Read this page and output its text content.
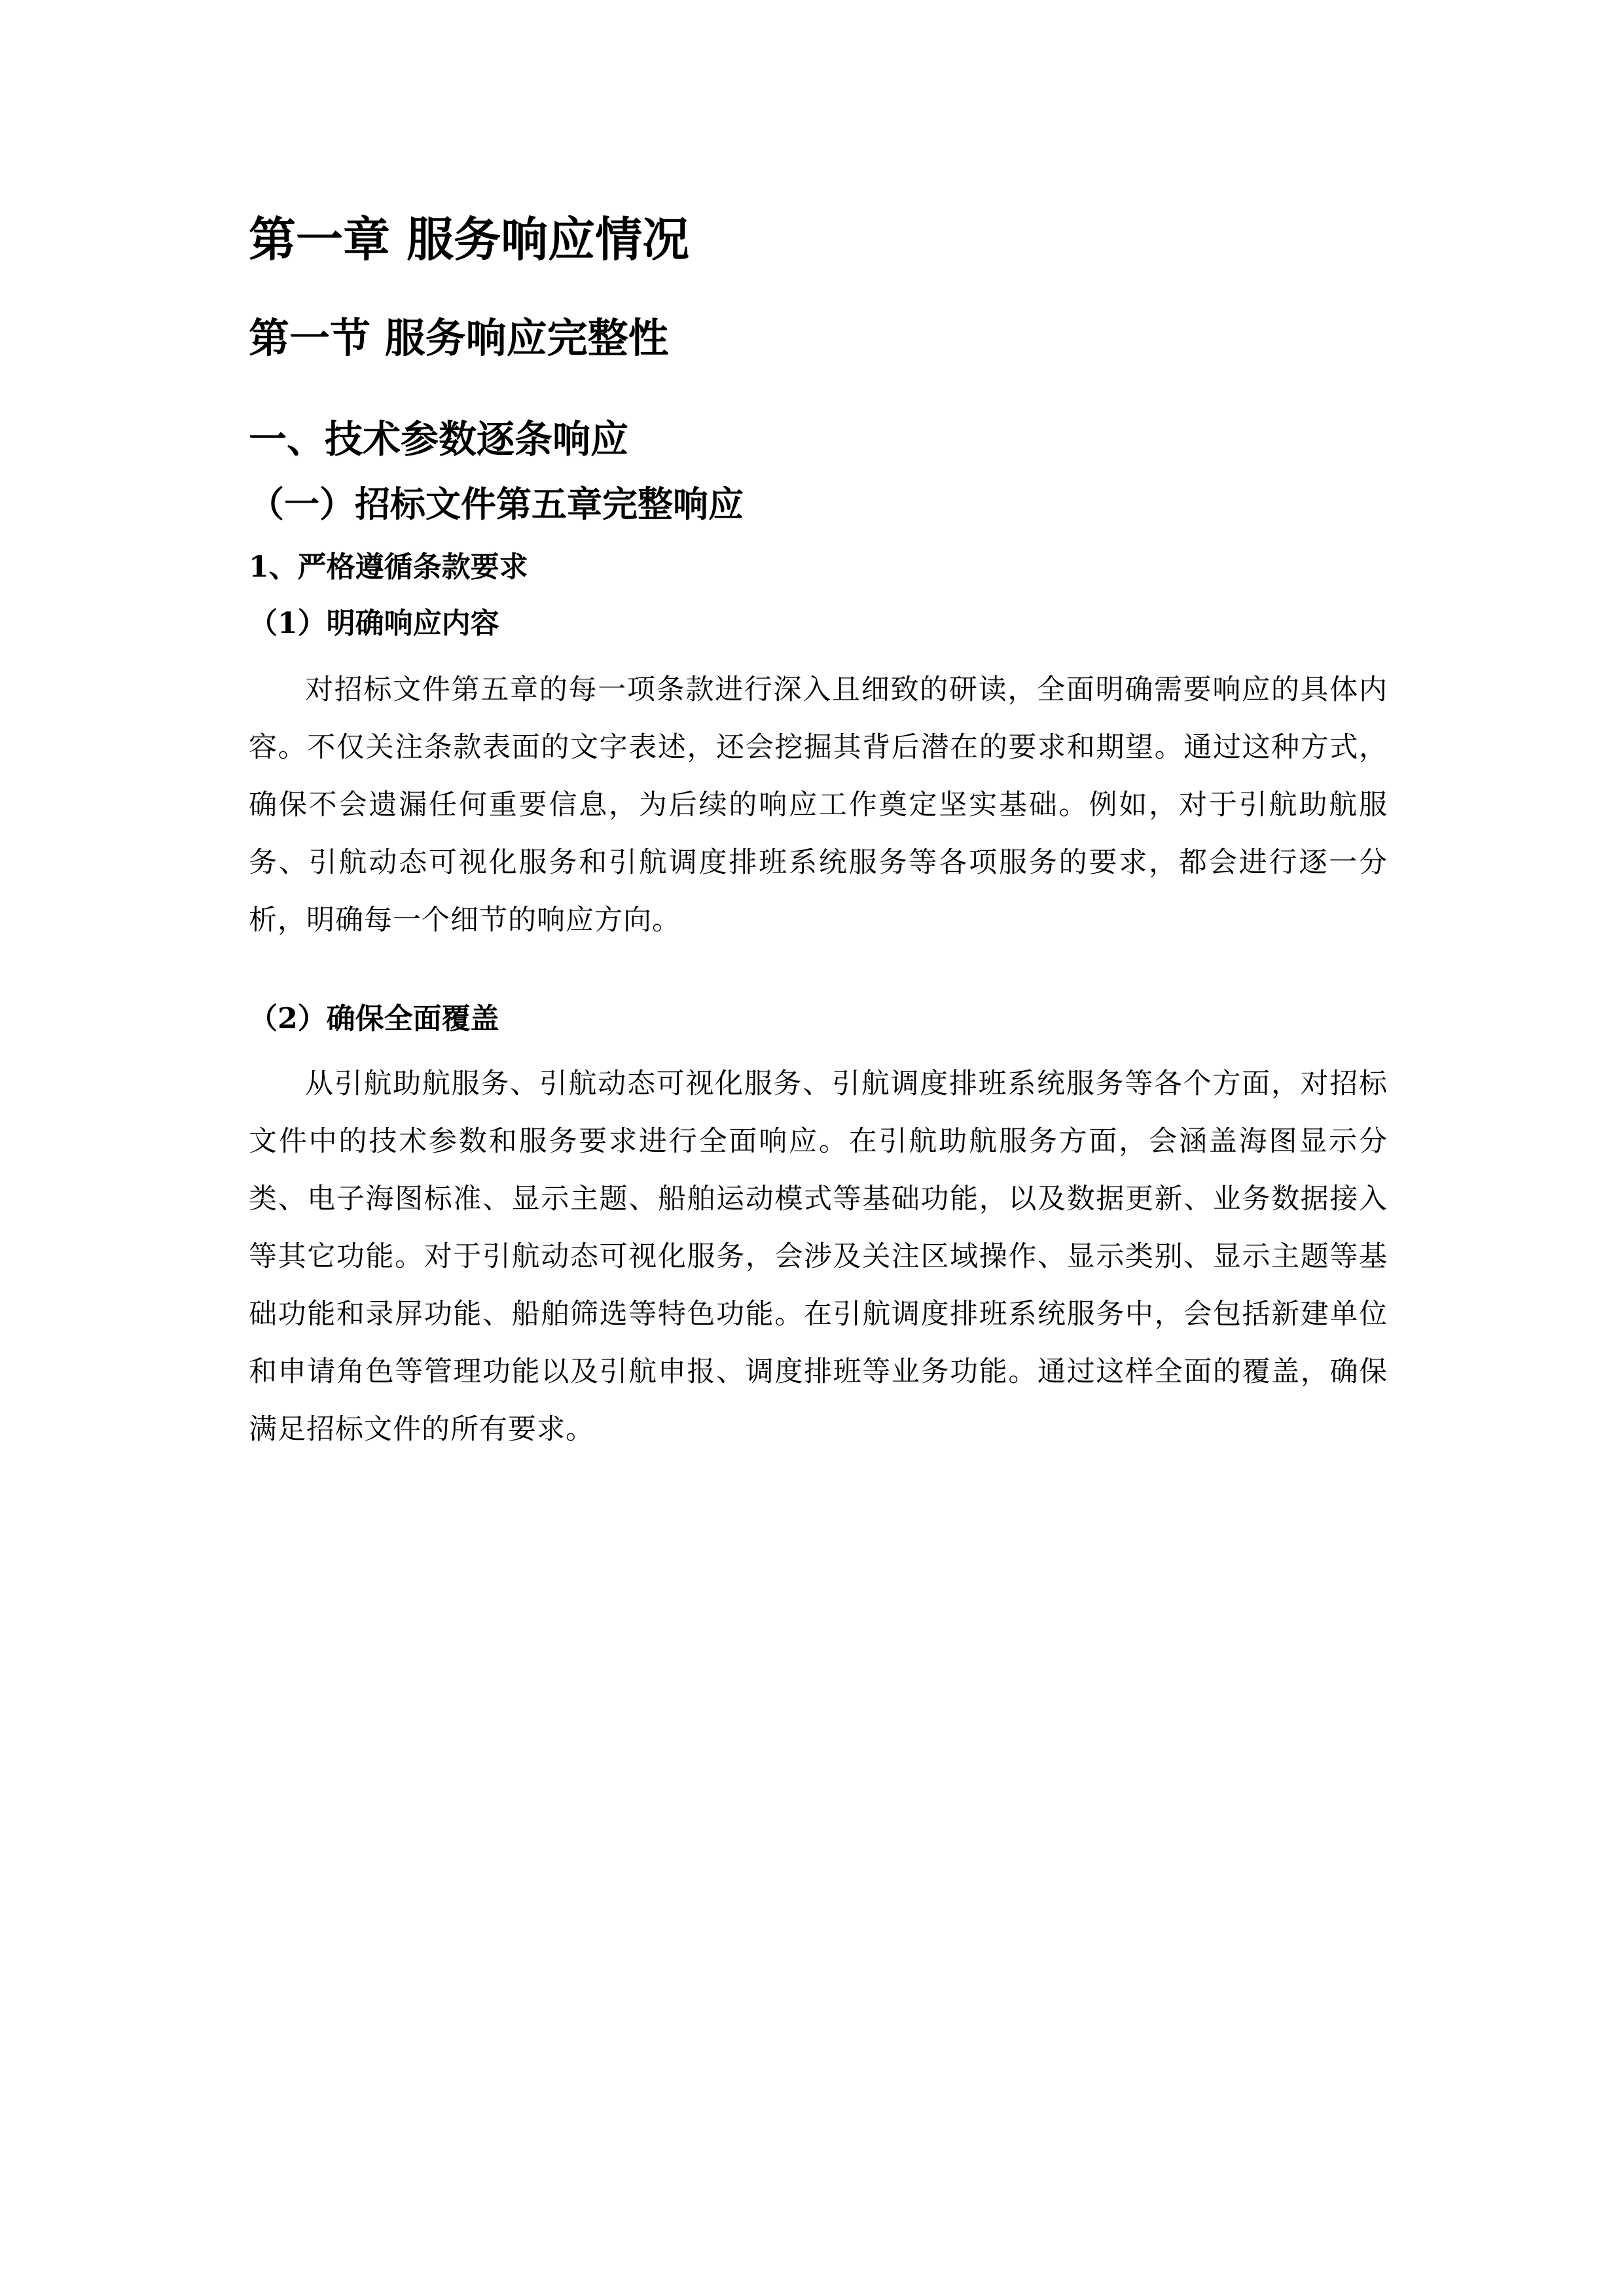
第一章 服务响应情况
第一节 服务响应完整性
一、技术参数逐条响应
（一）招标文件第五章完整响应
1、严格遵循条款要求
（1）明确响应内容

对招标文件第五章的每一项条款进行深入且细致的研读，全面明确需要响应的具体内容。不仅关注条款表面的文字表述，还会挖掘其背后潜在的要求和期望。通过这种方式，确保不会遗漏任何重要信息，为后续的响应工作奠定坚实基础。例如，对于引航助航服务、引航动态可视化服务和引航调度排班系统服务等各项服务的要求，都会进行逐一分析，明确每一个细节的响应方向。

（2）确保全面覆盖

从引航助航服务、引航动态可视化服务、引航调度排班系统服务等各个方面，对招标文件中的技术参数和服务要求进行全面响应。在引航助航服务方面，会涵盖海图显示分类、电子海图标准、显示主题、船舶运动模式等基础功能，以及数据更新、业务数据接入等其它功能。对于引航动态可视化服务，会涉及关注区域操作、显示类别、显示主题等基础功能和录屏功能、船舶筛选等特色功能。在引航调度排班系统服务中，会包括新建单位和申请角色等管理功能以及引航申报、调度排班等业务功能。通过这样全面的覆盖，确保满足招标文件的所有要求。
